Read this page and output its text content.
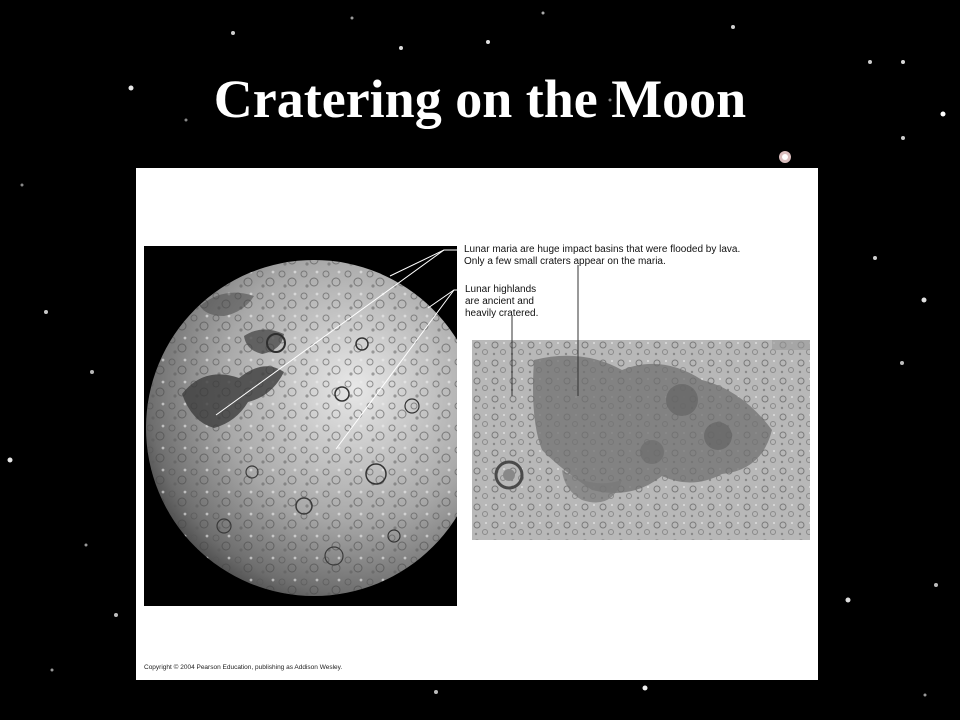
Cratering on the Moon
Lunar maria are huge impact basins that were flooded by lava.
Only a few small craters appear on the maria.
Lunar highlands
are ancient and
heavily cratered.
Copyright © 2004 Pearson Education, publishing as Addison Wesley.
